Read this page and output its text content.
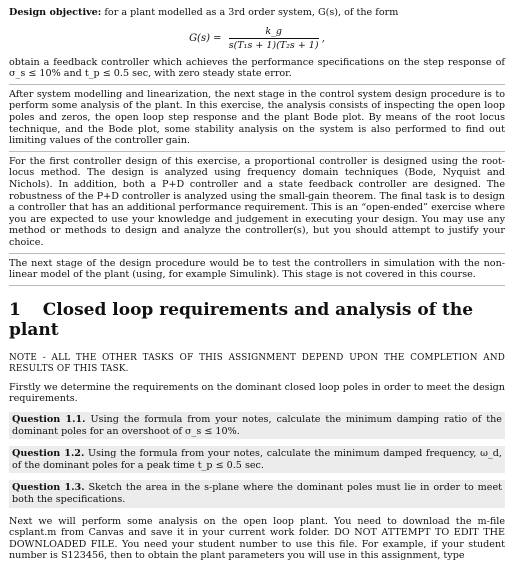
Design objective: for a plant modelled as a 3rd order system, G(s), of the form

$G(s) = \frac{k\_g}{\text{s(T₁s + 1)(T₂s + 1)}}$ ,

obtain a feedback controller which achieves the performance specifications on the step response of σ_s ≤ 10% and t_p ≤ 0.5 sec, with zero steady state error.

After system modelling and linearization, the next stage in the control system design procedure is to perform some analysis of the plant. In this exercise, the analysis consists of inspecting the open loop poles and zeros, the open loop step response and the plant Bode plot. By means of the root locus technique, and the Bode plot, some stability analysis on the system is also performed to find out limiting values of the controller gain.

For the first controller design of this exercise, a proportional controller is designed using the root-locus method. The design is analyzed using frequency domain techniques (Bode, Nyquist and Nichols). In addition, both a P+D controller and a state feedback controller are designed. The robustness of the P+D controller is analyzed using the small-gain theorem. The final task is to design a controller that has an additional performance requirement. This is an “open-ended” exercise where you are expected to use your knowledge and judgement in executing your design. You may use any method or methods to design and analyze the controller(s), but you should attempt to justify your choice.

The next stage of the design procedure would be to test the controllers in simulation with the non-linear model of the plant (using, for example Simulink). This stage is not covered in this course.

1 Closed loop requirements and analysis of the plant

NOTE - ALL THE OTHER TASKS OF THIS ASSIGNMENT DEPEND UPON THE COMPLETION AND RESULTS OF THIS TASK.

Firstly we determine the requirements on the dominant closed loop poles in order to meet the design requirements.

Question 1.1. Using the formula from your notes, calculate the minimum damping ratio of the dominant poles for an overshoot of σ_s ≤ 10%.

Question 1.2. Using the formula from your notes, calculate the minimum damped frequency, ω_d, of the dominant poles for a peak time t_p ≤ 0.5 sec.

Question 1.3. Sketch the area in the s-plane where the dominant poles must lie in order to meet both the specifications.

Next we will perform some analysis on the open loop plant. You need to download the m-file csplant.m from Canvas and save it in your current work folder. DO NOT ATTEMPT TO EDIT THE DOWNLOADED FILE. You need your student number to use this file. For example, if your student number is S123456, then to obtain the plant parameters you will use in this assignment, type
